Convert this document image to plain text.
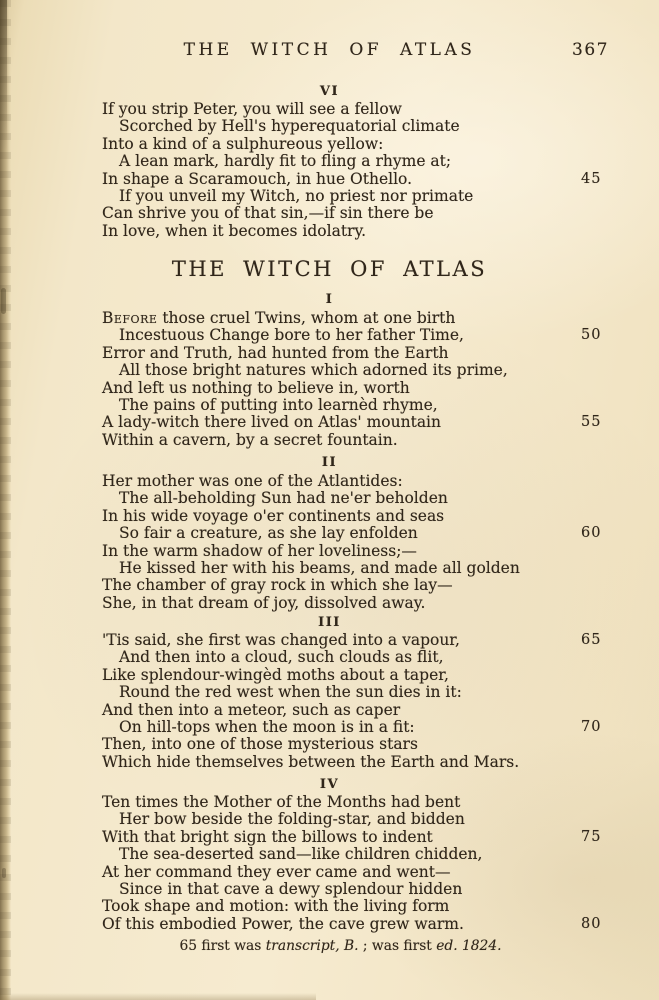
THE WITCH OF ATLAS	367
VI
If you strip Peter, you will see a fellow
Scorched by Hell's hyperequatorial climate
Into a kind of a sulphureous yellow:
A lean mark, hardly fit to fling a rhyme at;
In shape a Scaramouch, in hue Othello.	45
If you unveil my Witch, no priest nor primate
Can shrive you of that sin,—if sin there be
In love, when it becomes idolatry.
THE WITCH OF ATLAS
I
Before those cruel Twins, whom at one birth
Incestuous Change bore to her father Time,	50
Error and Truth, had hunted from the Earth
All those bright natures which adorned its prime,
And left us nothing to believe in, worth
The pains of putting into learnèd rhyme,
A lady-witch there lived on Atlas' mountain	55
Within a cavern, by a secret fountain.
II
Her mother was one of the Atlantides:
The all-beholding Sun had ne'er beholden
In his wide voyage o'er continents and seas
So fair a creature, as she lay enfolden	60
In the warm shadow of her loveliness;—
He kissed her with his beams, and made all golden
The chamber of gray rock in which she lay—
She, in that dream of joy, dissolved away.
III
'Tis said, she first was changed into a vapour,	65
And then into a cloud, such clouds as flit,
Like splendour-wingèd moths about a taper,
Round the red west when the sun dies in it:
And then into a meteor, such as caper
On hill-tops when the moon is in a fit:	70
Then, into one of those mysterious stars
Which hide themselves between the Earth and Mars.
IV
Ten times the Mother of the Months had bent
Her bow beside the folding-star, and bidden
With that bright sign the billows to indent	75
The sea-deserted sand—like children chidden,
At her command they ever came and went—
Since in that cave a dewy splendour hidden
Took shape and motion: with the living form
Of this embodied Power, the cave grew warm.	80
65 first was transcript, B. ; was first ed. 1824.
